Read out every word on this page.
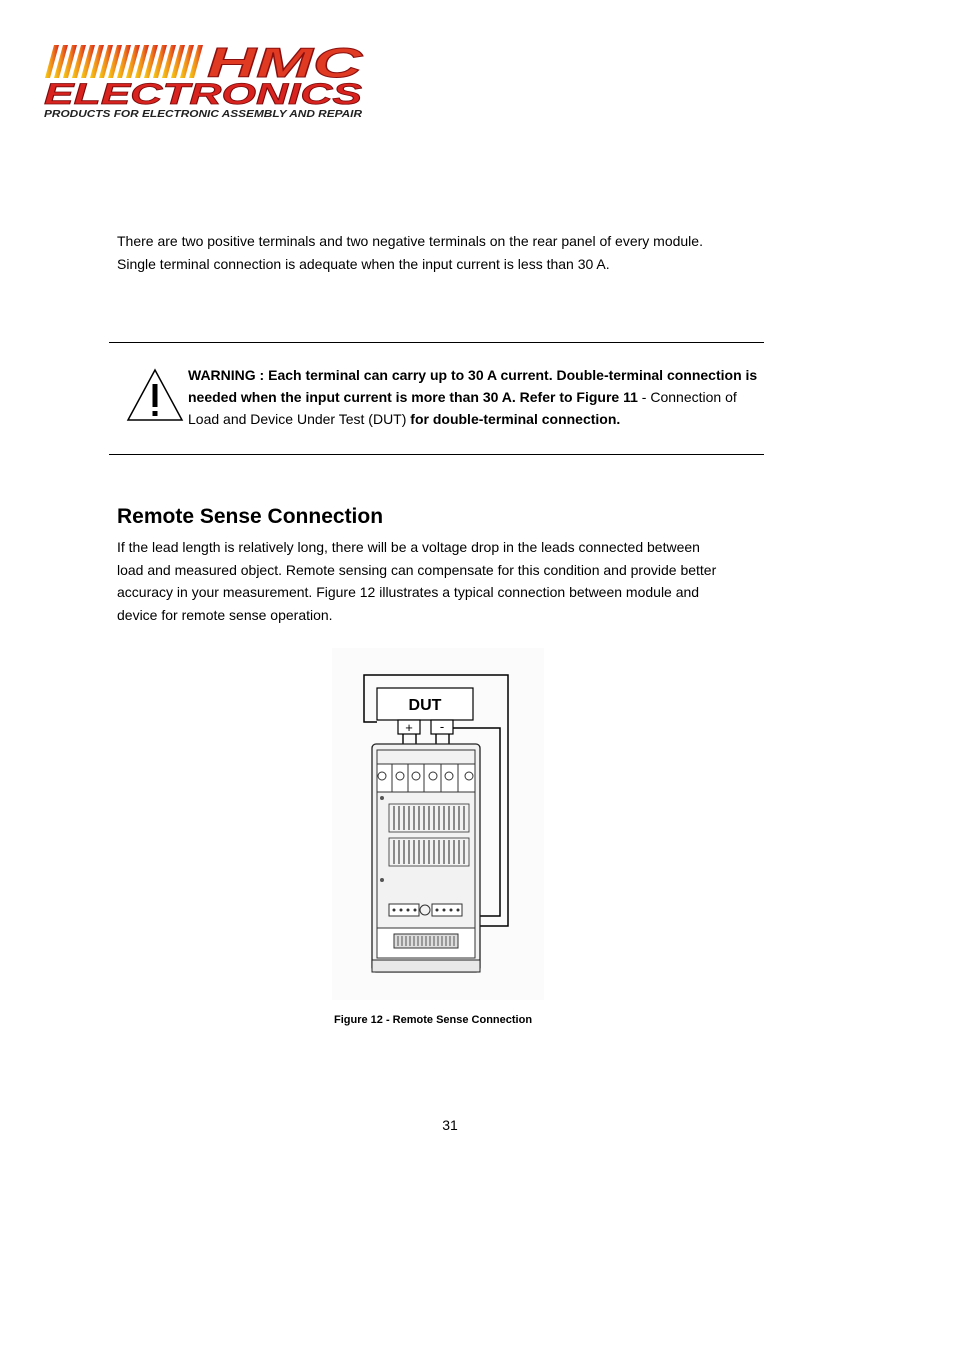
HMC
ELECTRONICS
PRODUCTS FOR ELECTRONIC ASSEMBLY AND REPAIR
There are two positive terminals and two negative terminals on the rear panel of every module.
Single terminal connection is adequate when the input current is less than 30 A.
WARNING : Each terminal can carry up to 30 A current. Double-terminal connection is needed when the input current is more than 30 A. Refer to Figure 11 - Connection of Load and Device Under Test (DUT) for double-terminal connection.
Remote Sense Connection
If the lead length is relatively long, there will be a voltage drop in the leads connected between
load and measured object. Remote sensing can compensate for this condition and provide better
accuracy in your measurement. Figure 12 illustrates a typical connection between module and
device for remote sense operation.
DUT
+ -
Figure 12 - Remote Sense Connection
31
